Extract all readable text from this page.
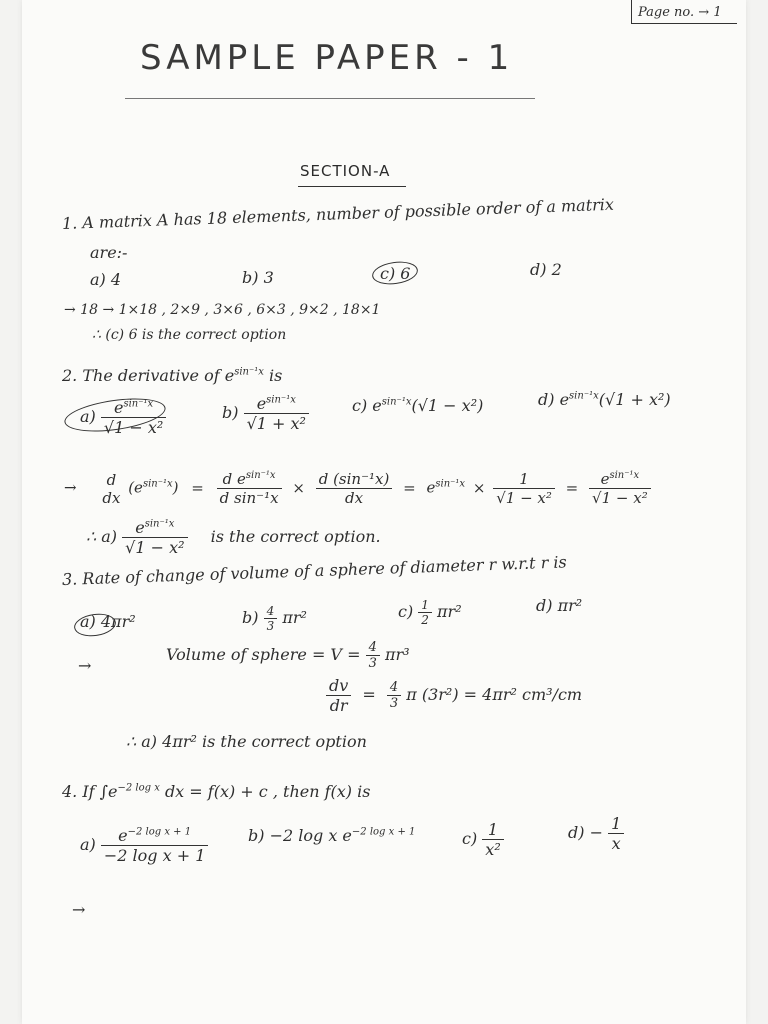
Page no. → 1
SAMPLE PAPER - 1
SECTION-A
1. A matrix A has 18 elements, number of possible order of a matrix
are:-
a) 4	b) 3	c) 6	d) 2
→ 18 → 1×18 , 2×9 , 3×6 , 6×3 , 9×2 , 18×1
∴ (c) 6 is the correct option
2. The derivative of $e^{sin^{-1}x}$ is
$a) \frac{e^{sin^{-1}x}}{\text{√1 − x²}}$	$b) \frac{e^{sin^{-1}x}}{\text{√1 + x²}}$	c) $e^{sin^{-1}x}(√1 - x^2)$	d) $e^{sin^{-1}x}(√1 + x^2)$
→	d
dx
$(e^{sin^{-1}x}) = \frac{d e^{sin^{-1}x}}{\text{d sin⁻¹x}} \times \frac{\text{d (sin⁻¹x)}}{dx} = e^{sin^{-1}x} \times \frac{1}{\text{√1 − x²}} = \frac{e^{sin^{-1}x}}{\text{√1 − x²}}$
∴ $a) \frac{e^{sin^{-1}x}}{\text{√1 − x²}}$ is the correct option.
3. Rate of change of volume of a sphere of diameter r w.r.t r is
a) 4πr²	$b) \frac{4}{3} \pi r^2$	$c) \frac{1}{2} \pi r^2$	d) πr²
→
Volume of sphere = $V = \frac{4}{3} \pi r^3$
$\frac{dv}{dr} = \frac{4}{3}$ π (3r²) = 4πr² cm³/cm
∴ a) 4πr² is the correct option
4. If $\int e^{-2 log x}$ dx = f(x) + c , then f(x) is
$a) \frac{e^{-2 log x + 1}}{\text{−2 log x + 1}} b) -2$ log x $e^{-2 log x + 1}$	$c) \frac{1}{\text{x²}}$	$d) - \frac{1}{x}$
→
